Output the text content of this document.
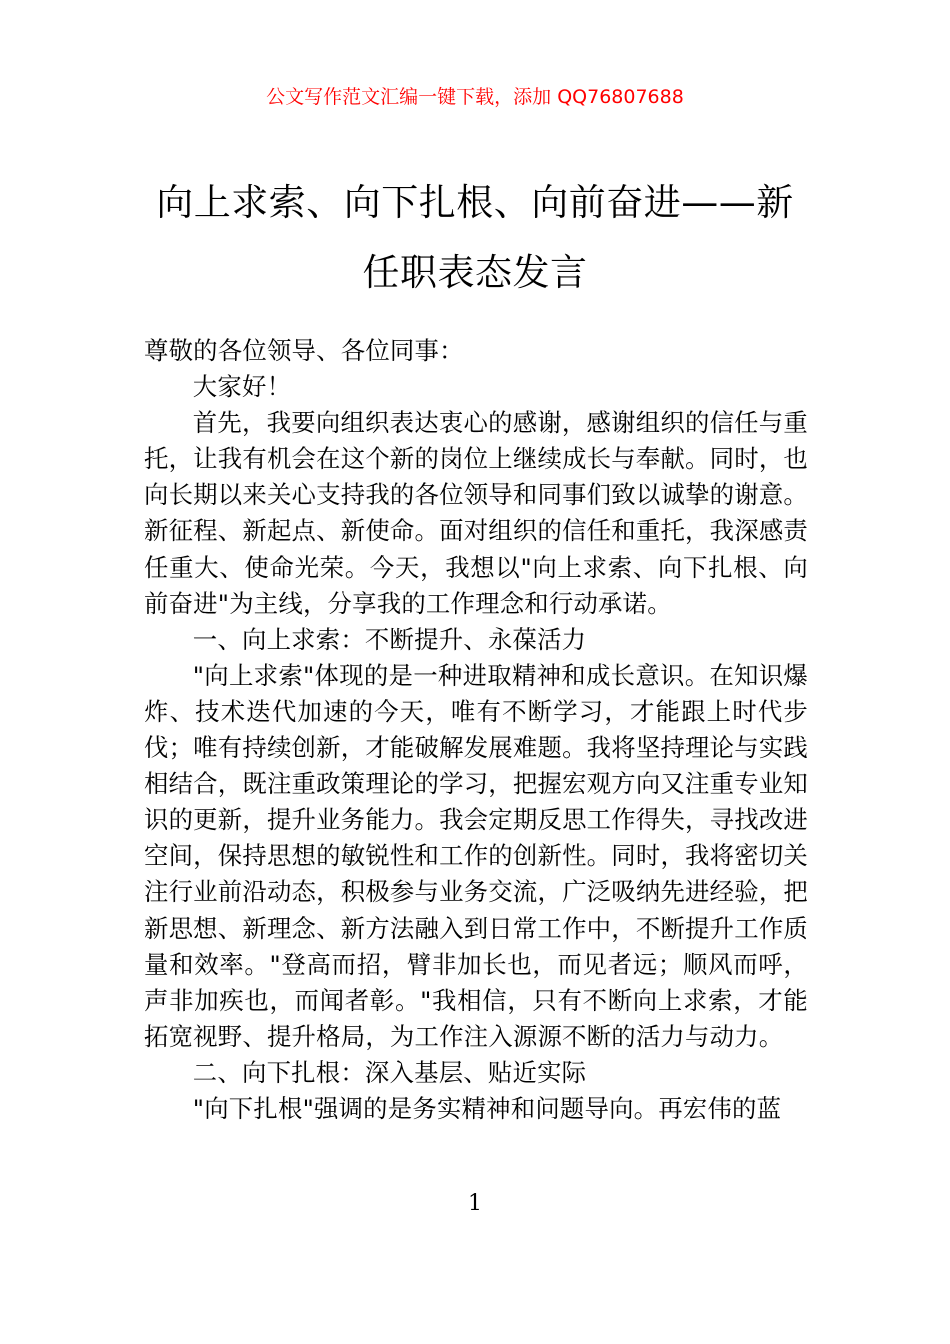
公文写作范文汇编一键下载，添加 QQ76807688
向上求索、向下扎根、向前奋进——新任职表态发言

尊敬的各位领导、各位同事：

大家好！

首先，我要向组织表达衷心的感谢，感谢组织的信任与重托，让我有机会在这个新的岗位上继续成长与奉献。同时，也向长期以来关心支持我的各位领导和同事们致以诚挚的谢意。新征程、新起点、新使命。面对组织的信任和重托，我深感责任重大、使命光荣。今天，我想以"向上求索、向下扎根、向前奋进"为主线，分享我的工作理念和行动承诺。

一、向上求索：不断提升、永葆活力

"向上求索"体现的是一种进取精神和成长意识。在知识爆炸、技术迭代加速的今天，唯有不断学习，才能跟上时代步伐；唯有持续创新，才能破解发展难题。我将坚持理论与实践相结合，既注重政策理论的学习，把握宏观方向又注重专业知识的更新，提升业务能力。我会定期反思工作得失，寻找改进空间，保持思想的敏锐性和工作的创新性。同时，我将密切关注行业前沿动态，积极参与业务交流，广泛吸纳先进经验，把新思想、新理念、新方法融入到日常工作中，不断提升工作质量和效率。"登高而招，臂非加长也，而见者远；顺风而呼，声非加疾也，而闻者彰。"我相信，只有不断向上求索，才能拓宽视野、提升格局，为工作注入源源不断的活力与动力。

二、向下扎根：深入基层、贴近实际

"向下扎根"强调的是务实精神和问题导向。再宏伟的蓝

1
